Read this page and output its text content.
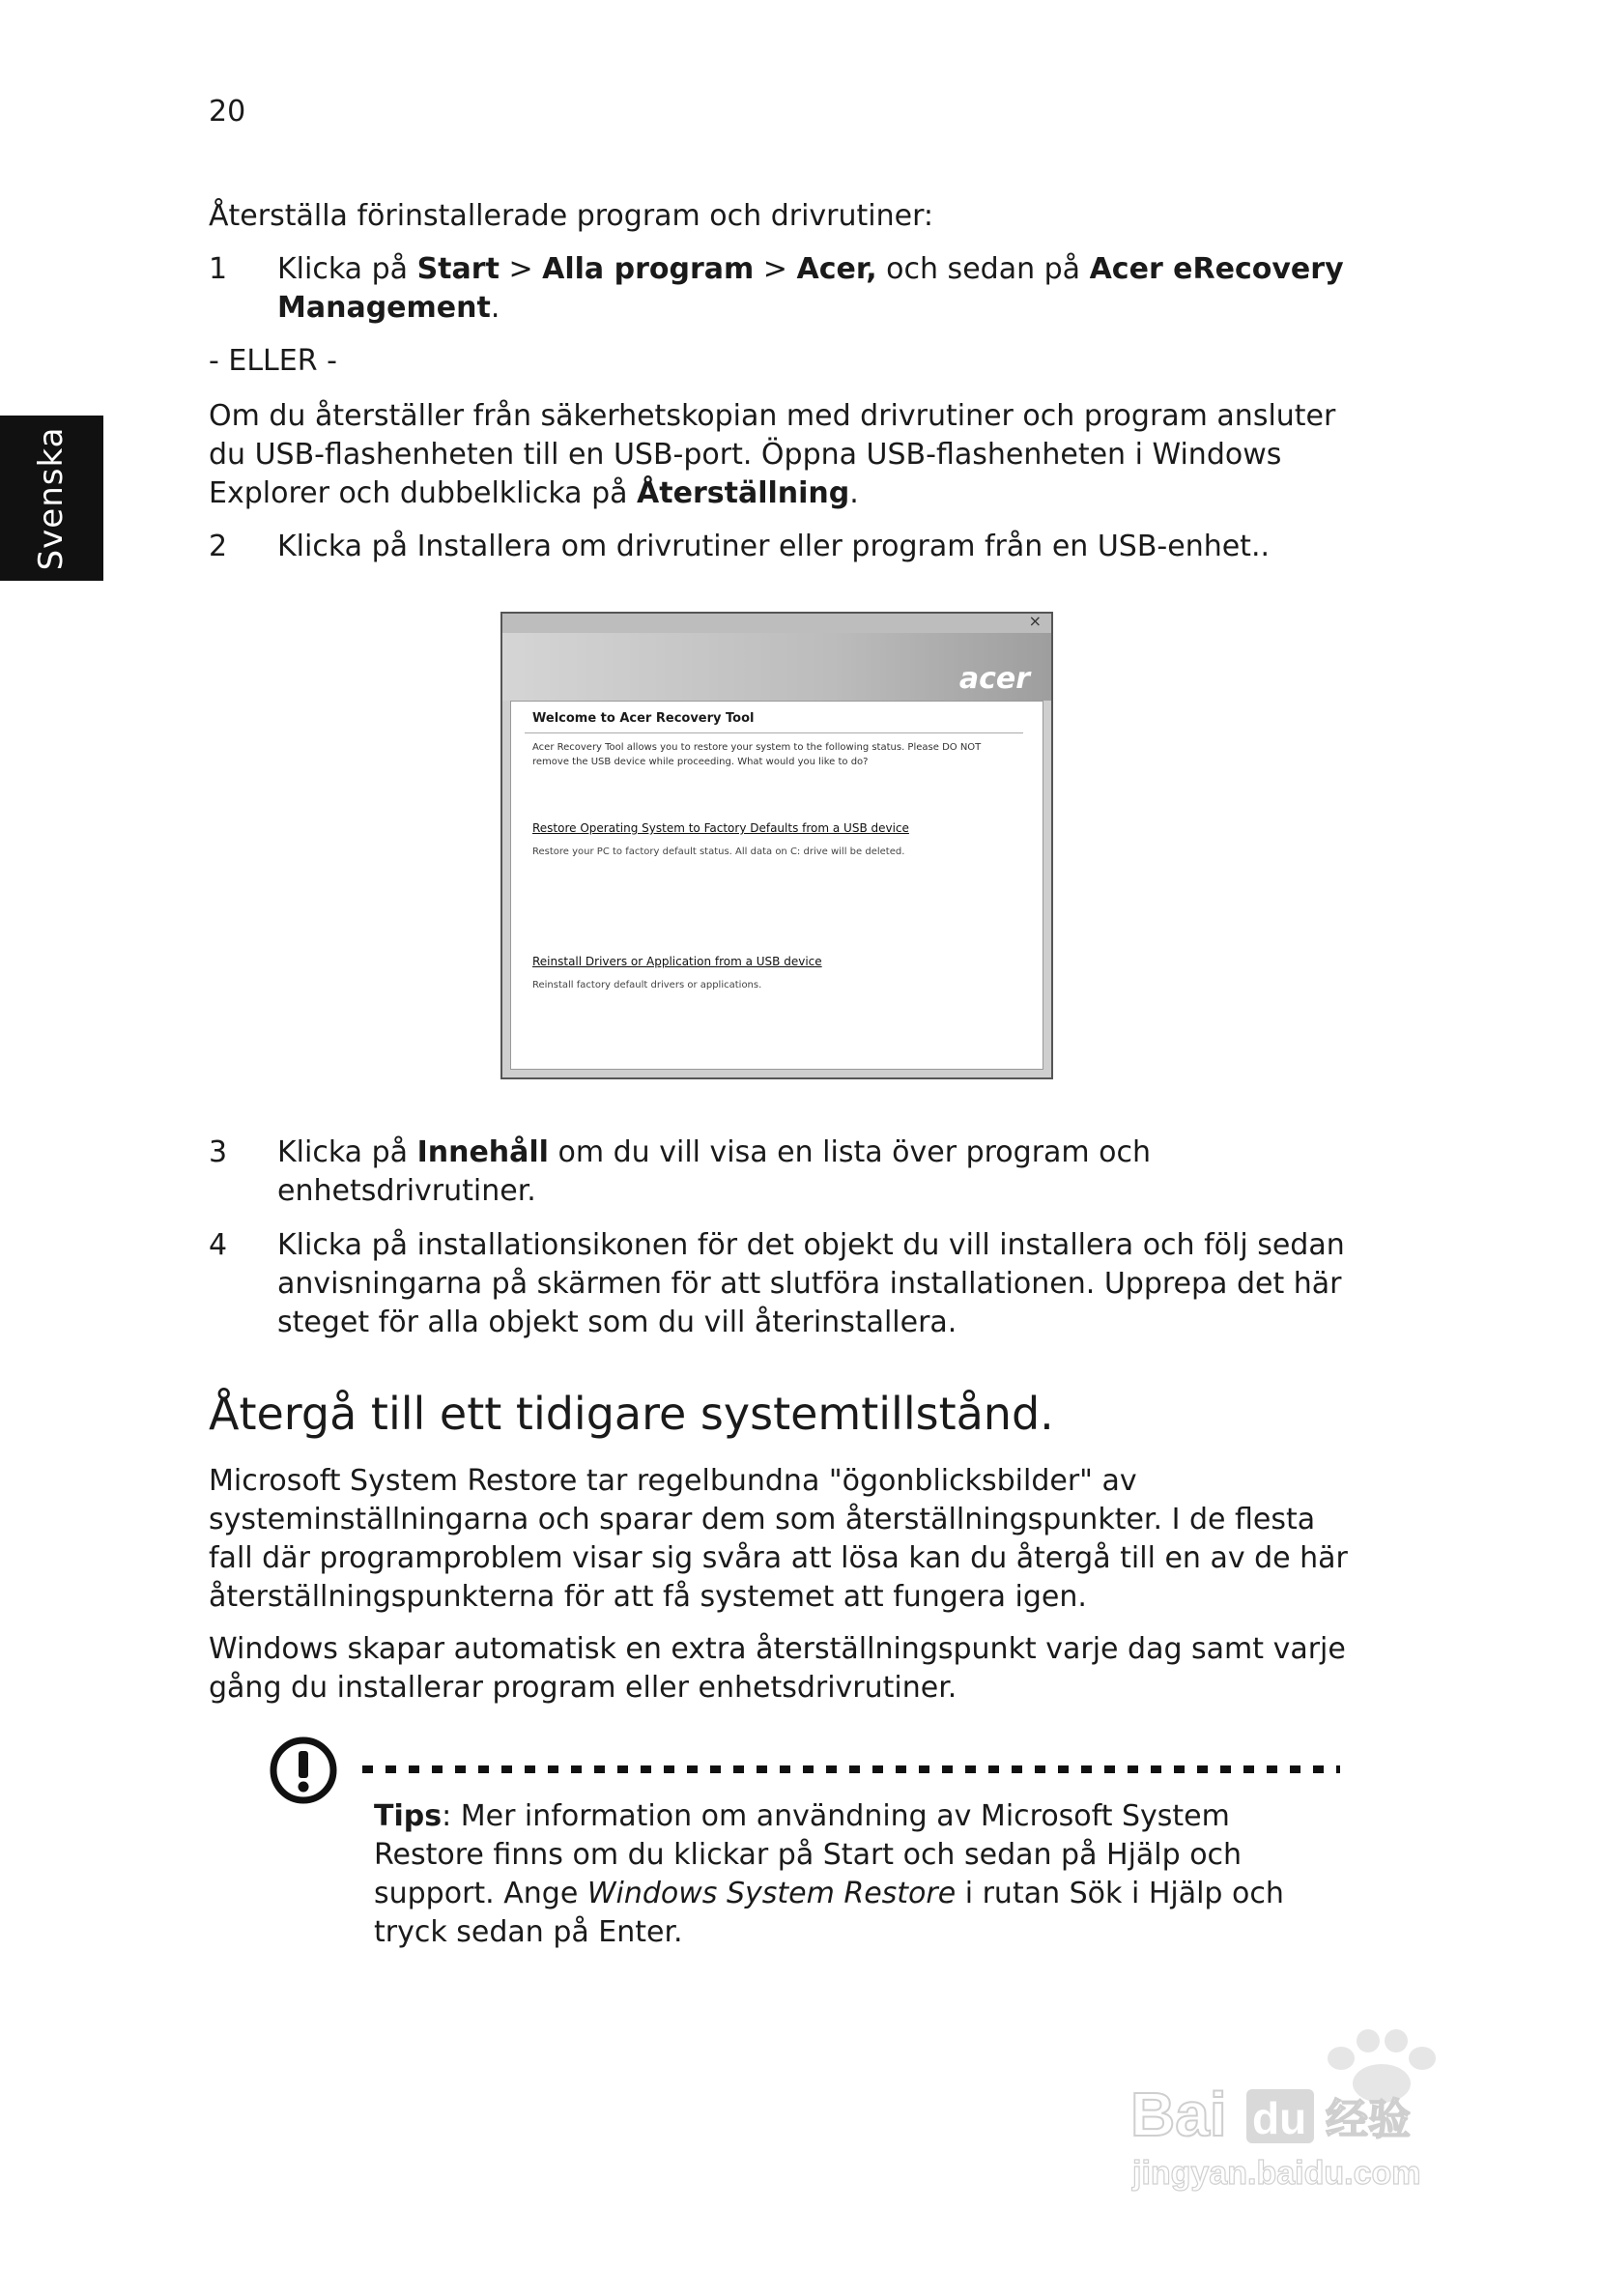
20
Svenska

Återställa förinstallerade program och drivrutiner:

1 Klicka på Start > Alla program > Acer, och sedan på Acer eRecovery Management.

- ELLER -

Om du återställer från säkerhetskopian med drivrutiner och program ansluter du USB-flashenheten till en USB-port. Öppna USB-flashenheten i Windows Explorer och dubbelklicka på Återställning.

2 Klicka på Installera om drivrutiner eller program från en USB-enhet..

×
acer
Welcome to Acer Recovery Tool
Acer Recovery Tool allows you to restore your system to the following status. Please DO NOT remove the USB device while proceeding. What would you like to do?
Restore Operating System to Factory Defaults from a USB device
Restore your PC to factory default status. All data on C: drive will be deleted.
Reinstall Drivers or Application from a USB device
Reinstall factory default drivers or applications.
3 Klicka på Innehåll om du vill visa en lista över program och enhetsdrivrutiner.

4 Klicka på installationsikonen för det objekt du vill installera och följ sedan anvisningarna på skärmen för att slutföra installationen. Upprepa det här steget för alla objekt som du vill återinstallera.

Återgå till ett tidigare systemtillstånd.

Microsoft System Restore tar regelbundna "ögonblicksbilder" av systeminställningarna och sparar dem som återställningspunkter. I de flesta fall där programproblem visar sig svåra att lösa kan du återgå till en av de här återställningspunkterna för att få systemet att fungera igen.

Windows skapar automatisk en extra återställningspunkt varje dag samt varje gång du installerar program eller enhetsdrivrutiner.

Tips: Mer information om användning av Microsoft System Restore finns om du klickar på Start och sedan på Hjälp och support. Ange Windows System Restore i rutan Sök i Hjälp och tryck sedan på Enter.

Bai du 经验
jingyan.baidu.com
